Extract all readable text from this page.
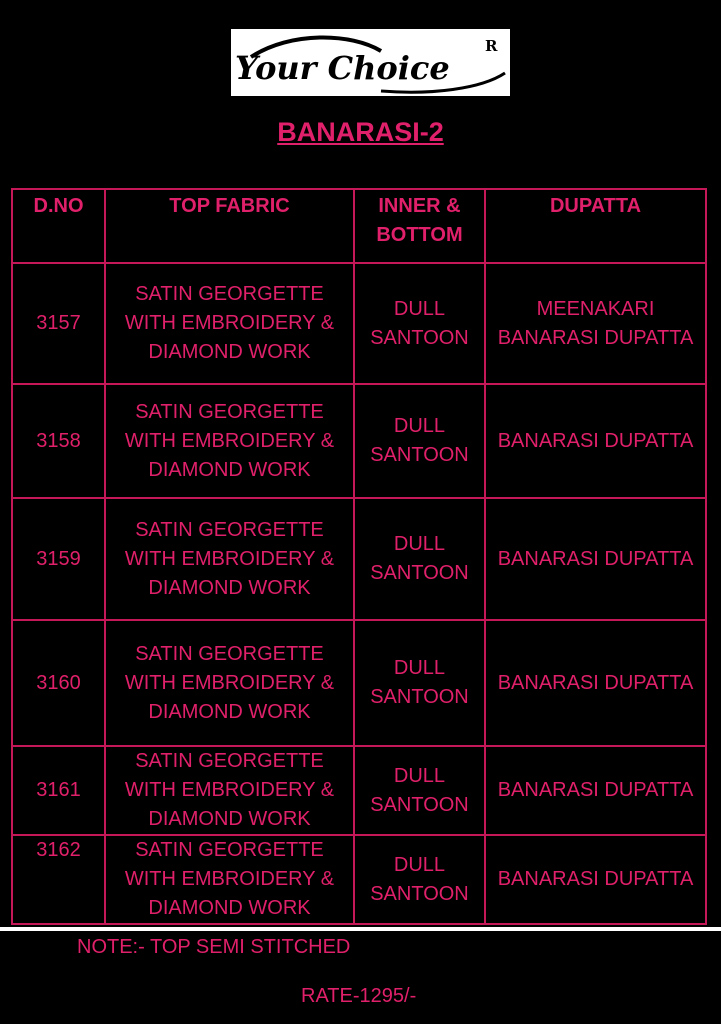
Your Choice
R
BANARASI-2
D.NO	TOP FABRIC	INNER & BOTTOM	DUPATTA
3157	SATIN GEORGETTE WITH EMBROIDERY & DIAMOND WORK	DULL SANTOON	MEENAKARI BANARASI DUPATTA
3158	SATIN GEORGETTE WITH EMBROIDERY & DIAMOND WORK	DULL SANTOON	BANARASI DUPATTA
3159	SATIN GEORGETTE WITH EMBROIDERY & DIAMOND WORK	DULL SANTOON	BANARASI DUPATTA
3160	SATIN GEORGETTE WITH EMBROIDERY & DIAMOND WORK	DULL SANTOON	BANARASI DUPATTA
3161	SATIN GEORGETTE WITH EMBROIDERY & DIAMOND WORK	DULL SANTOON	BANARASI DUPATTA
3162	SATIN GEORGETTE WITH EMBROIDERY & DIAMOND WORK	DULL SANTOON	BANARASI DUPATTA
NOTE:- TOP SEMI STITCHED
RATE-1295/-
